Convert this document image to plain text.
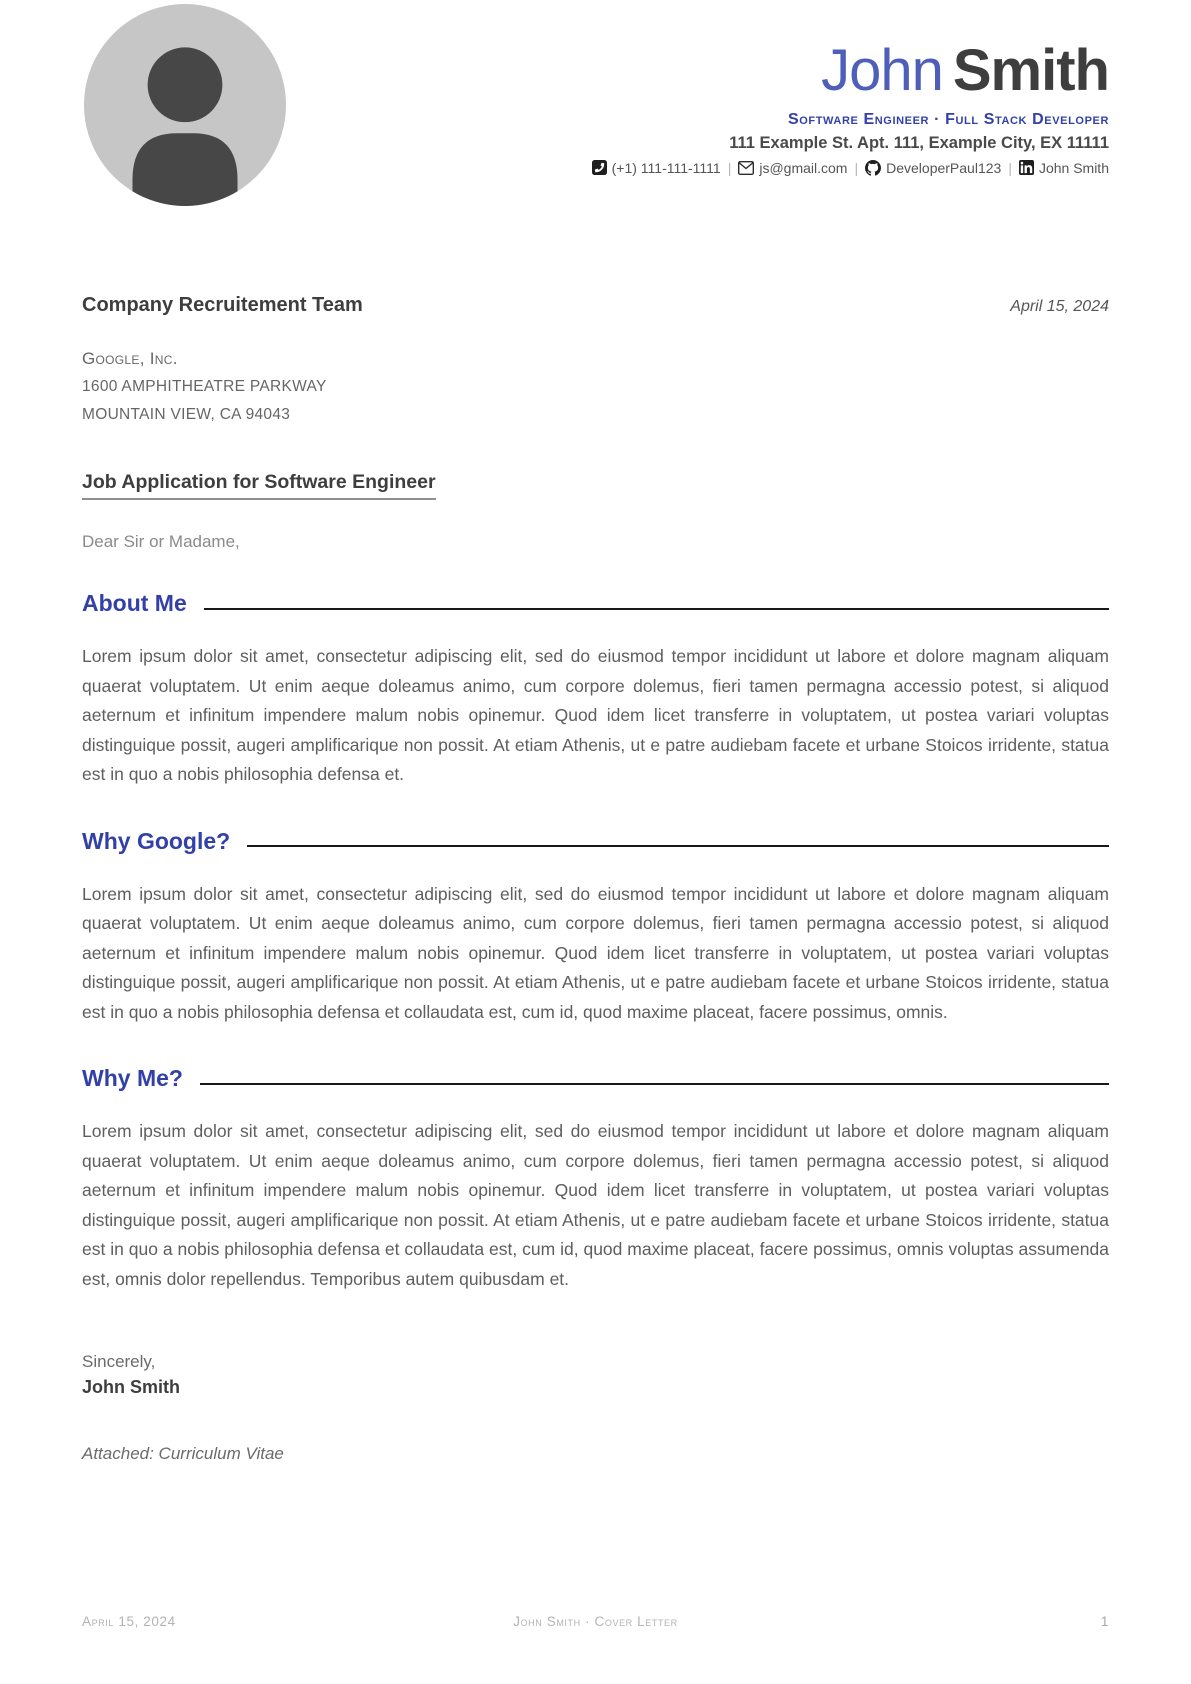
John Smith
Software Engineer · Full Stack Developer
111 Example St. Apt. 111, Example City, EX 11111
(+1) 111-111-1111 | js@gmail.com | DeveloperPaul123 | John Smith
Company Recruitement Team	April 15, 2024
Google, Inc.
1600 AMPHITHEATRE PARKWAY
MOUNTAIN VIEW, CA 94043
Job Application for Software Engineer
Dear Sir or Madame,
About Me
Lorem ipsum dolor sit amet, consectetur adipiscing elit, sed do eiusmod tempor incididunt ut labore et dolore magnam aliquam quaerat voluptatem. Ut enim aeque doleamus animo, cum corpore dolemus, fieri tamen permagna accessio potest, si aliquod aeternum et infinitum impendere malum nobis opinemur. Quod idem licet transferre in voluptatem, ut postea variari voluptas distinguique possit, augeri amplificarique non possit. At etiam Athenis, ut e patre audiebam facete et urbane Stoicos irridente, statua est in quo a nobis philosophia defensa et.
Why Google?
Lorem ipsum dolor sit amet, consectetur adipiscing elit, sed do eiusmod tempor incididunt ut labore et dolore magnam aliquam quaerat voluptatem. Ut enim aeque doleamus animo, cum corpore dolemus, fieri tamen permagna accessio potest, si aliquod aeternum et infinitum impendere malum nobis opinemur. Quod idem licet transferre in voluptatem, ut postea variari voluptas distinguique possit, augeri amplificarique non possit. At etiam Athenis, ut e patre audiebam facete et urbane Stoicos irridente, statua est in quo a nobis philosophia defensa et collaudata est, cum id, quod maxime placeat, facere possimus, omnis.
Why Me?
Lorem ipsum dolor sit amet, consectetur adipiscing elit, sed do eiusmod tempor incididunt ut labore et dolore magnam aliquam quaerat voluptatem. Ut enim aeque doleamus animo, cum corpore dolemus, fieri tamen permagna accessio potest, si aliquod aeternum et infinitum impendere malum nobis opinemur. Quod idem licet transferre in voluptatem, ut postea variari voluptas distinguique possit, augeri amplificarique non possit. At etiam Athenis, ut e patre audiebam facete et urbane Stoicos irridente, statua est in quo a nobis philosophia defensa et collaudata est, cum id, quod maxime placeat, facere possimus, omnis voluptas assumenda est, omnis dolor repellendus. Temporibus autem quibusdam et.
Sincerely,
John Smith
Attached: Curriculum Vitae
April 15, 2024	John Smith · Cover Letter	1
